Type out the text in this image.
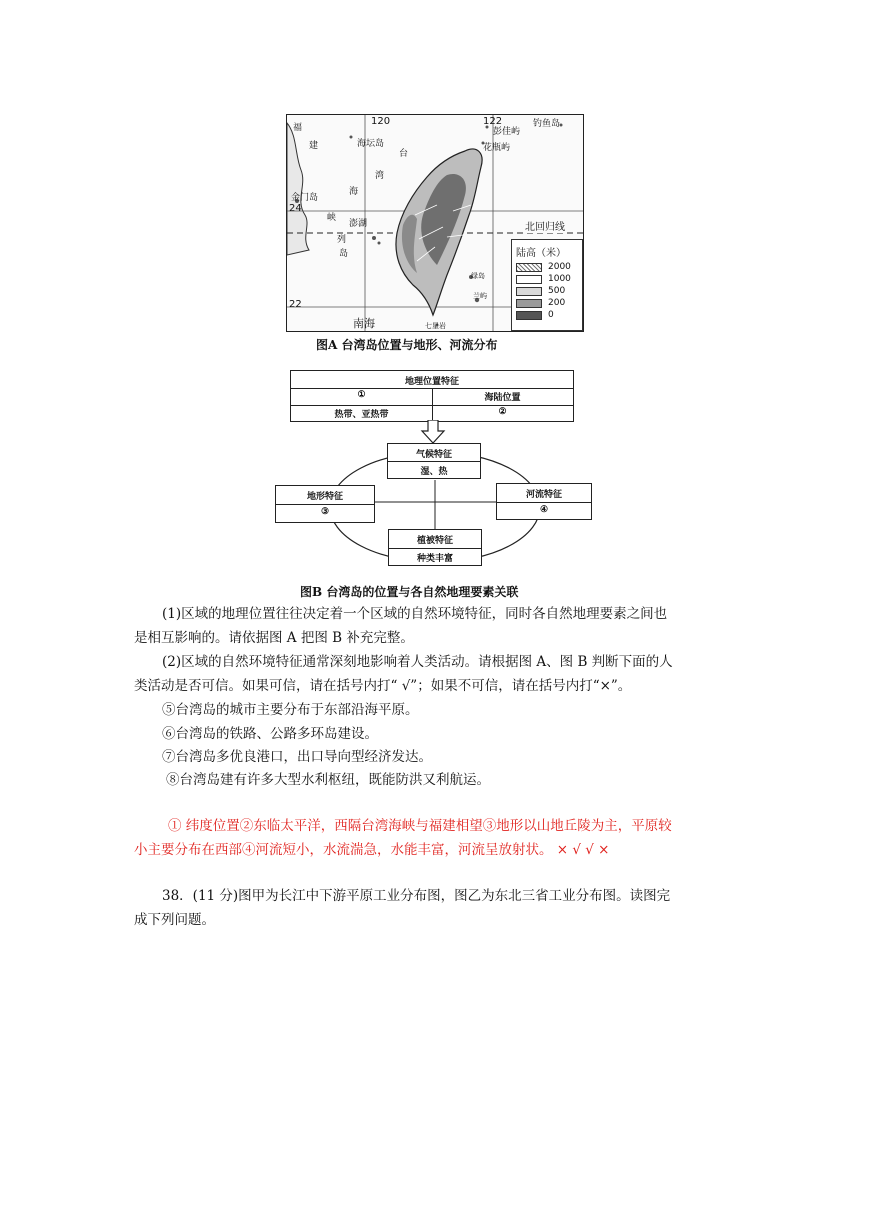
120	122
24
22
钓鱼岛
彭佳屿
花瓶屿
海坛岛
金门岛
南海	七星岩
绿岛
兰屿
福
建
台
湾
海
峡
澎湖
列
岛
北回归线
陆高（米）
2000
1000
500
200
0
图A 台湾岛位置与地形、河流分布
地理位置特征
①	海陆位置
热带、亚热带	②
气候特征
湿、热
地形特征
③
河流特征
④
植被特征
种类丰富
图B 台湾岛的位置与各自然地理要素关联
(1)区域的地理位置往往决定着一个区域的自然环境特征，同时各自然地理要素之间也
是相互影响的。请依据图 A 把图 B 补充完整。
(2)区域的自然环境特征通常深刻地影响着人类活动。请根据图 A、图 B 判断下面的人
类活动是否可信。如果可信，请在括号内打“ √”；如果不可信，请在括号内打“×”。
⑤台湾岛的城市主要分布于东部沿海平原。
⑥台湾岛的铁路、公路多环岛建设。
⑦台湾岛多优良港口，出口导向型经济发达。
⑧台湾岛建有许多大型水利枢纽，既能防洪又利航运。
① 纬度位置②东临太平洋，西隔台湾海峡与福建相望③地形以山地丘陵为主，平原较
小主要分布在西部④河流短小，水流湍急，水能丰富，河流呈放射状。 × √ √ ×
38．(11 分)图甲为长江中下游平原工业分布图，图乙为东北三省工业分布图。读图完
成下列问题。
